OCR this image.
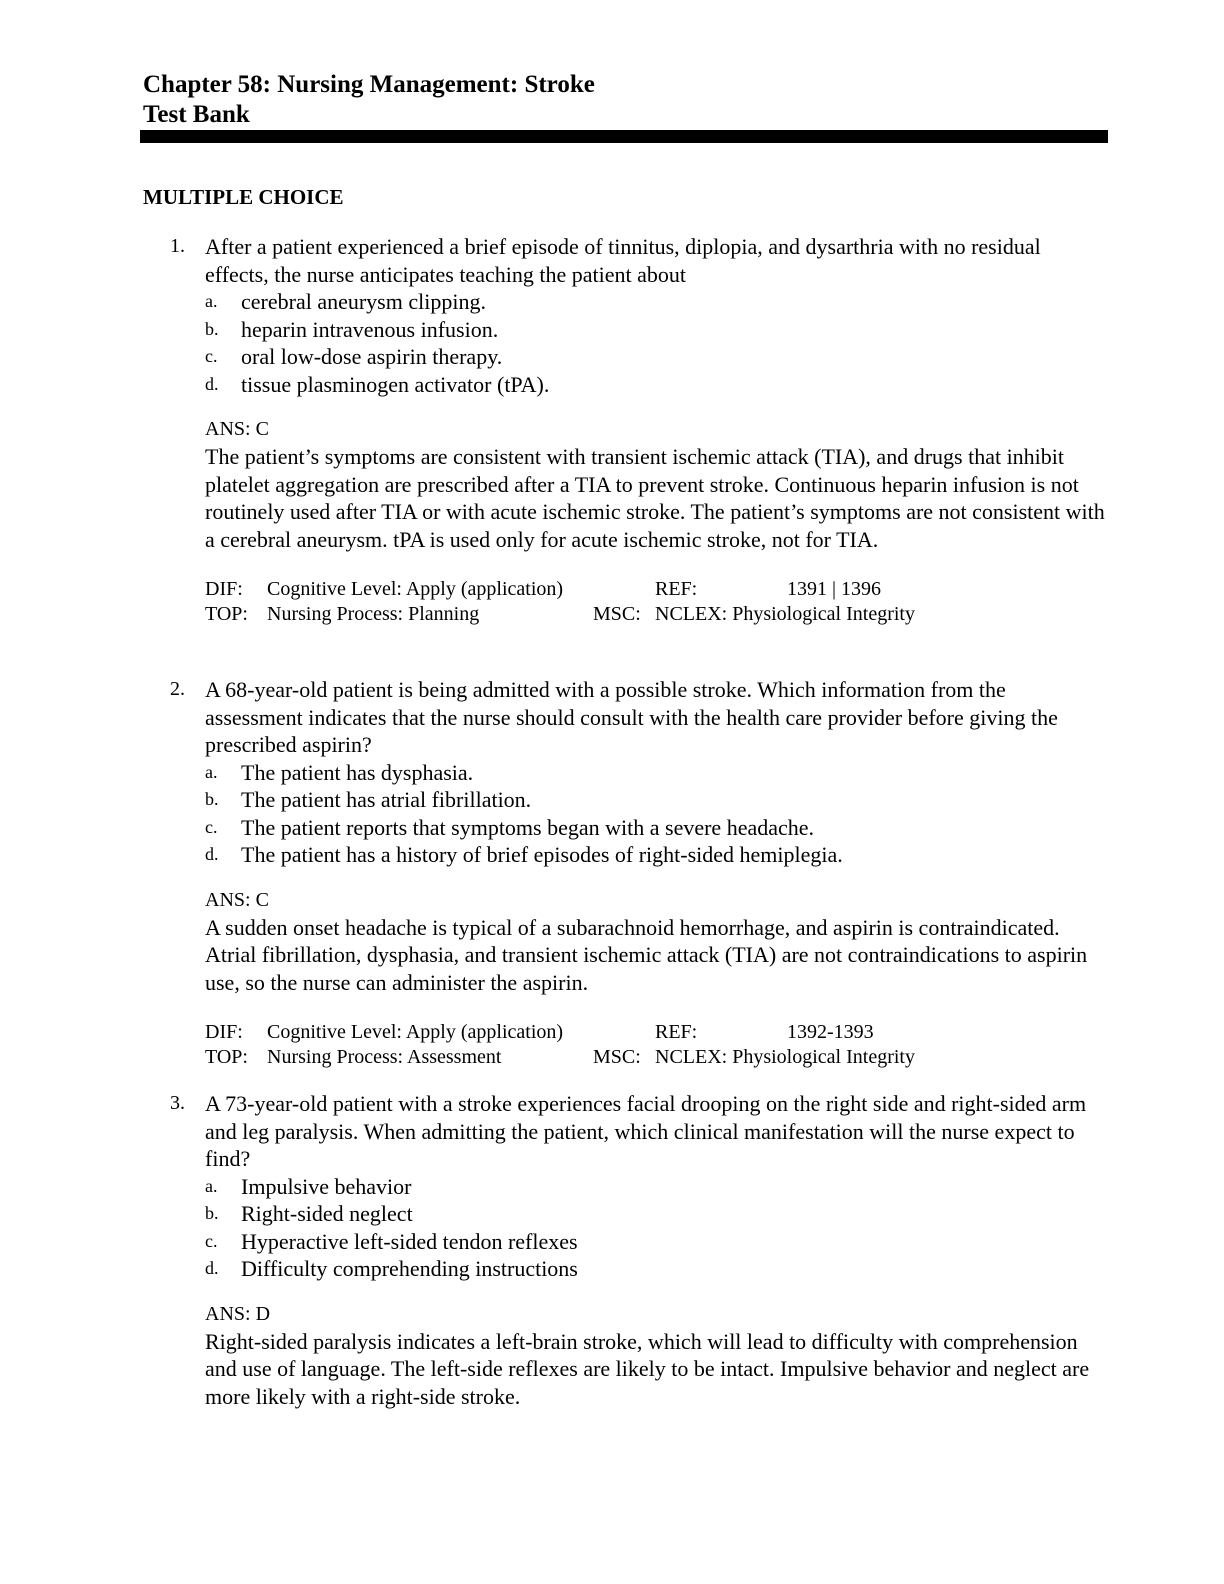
Chapter 58: Nursing Management: Stroke
Test Bank
MULTIPLE CHOICE
1. After a patient experienced a brief episode of tinnitus, diplopia, and dysarthria with no residual effects, the nurse anticipates teaching the patient about
a. cerebral aneurysm clipping.
b. heparin intravenous infusion.
c. oral low-dose aspirin therapy.
d. tissue plasminogen activator (tPA).
ANS: C
The patient’s symptoms are consistent with transient ischemic attack (TIA), and drugs that inhibit platelet aggregation are prescribed after a TIA to prevent stroke. Continuous heparin infusion is not routinely used after TIA or with acute ischemic stroke. The patient’s symptoms are not consistent with a cerebral aneurysm. tPA is used only for acute ischemic stroke, not for TIA.
DIF: Cognitive Level: Apply (application)	REF:	1391 | 1396
TOP: Nursing Process: Planning	MSC: NCLEX: Physiological Integrity
2. A 68-year-old patient is being admitted with a possible stroke. Which information from the assessment indicates that the nurse should consult with the health care provider before giving the prescribed aspirin?
a. The patient has dysphasia.
b. The patient has atrial fibrillation.
c. The patient reports that symptoms began with a severe headache.
d. The patient has a history of brief episodes of right-sided hemiplegia.
ANS: C
A sudden onset headache is typical of a subarachnoid hemorrhage, and aspirin is contraindicated. Atrial fibrillation, dysphasia, and transient ischemic attack (TIA) are not contraindications to aspirin use, so the nurse can administer the aspirin.
DIF: Cognitive Level: Apply (application)	REF:	1392-1393
TOP: Nursing Process: Assessment	MSC: NCLEX: Physiological Integrity
3. A 73-year-old patient with a stroke experiences facial drooping on the right side and right-sided arm and leg paralysis. When admitting the patient, which clinical manifestation will the nurse expect to find?
a. Impulsive behavior
b. Right-sided neglect
c. Hyperactive left-sided tendon reflexes
d. Difficulty comprehending instructions
ANS: D
Right-sided paralysis indicates a left-brain stroke, which will lead to difficulty with comprehension and use of language. The left-side reflexes are likely to be intact. Impulsive behavior and neglect are more likely with a right-side stroke.
